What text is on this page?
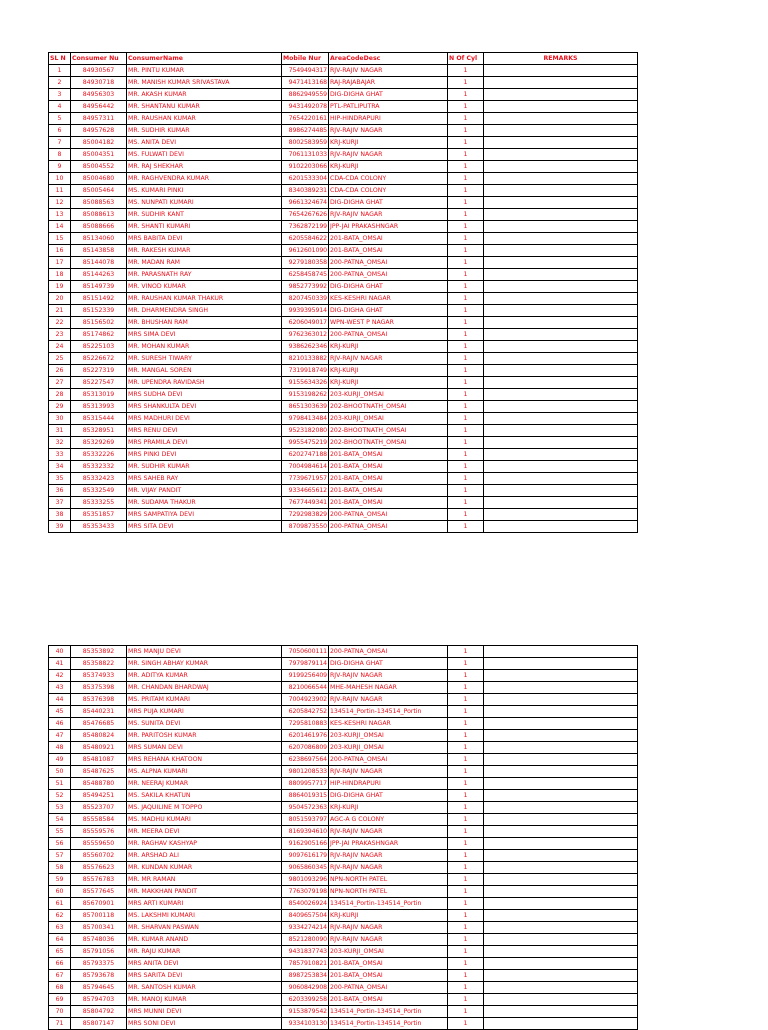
SL N	Consumer Nu	ConsumerName	Mobile Nur	AreaCodeDesc	N Of Cyl	REMARKS
1	84930567	MR. PINTU KUMAR	7549494317	RJV-RAJIV NAGAR	1	
2	84930718	MR. MANISH KUMAR SRIVASTAVA	9471413168	RAJ-RAJABAJAR	1	
3	84956303	MR. AKASH KUMAR	8862949559	DIG-DIGHA GHAT	1	
4	84956442	MR. SHANTANU KUMAR	9431492078	PTL-PATLIPUTRA	1	
5	84957311	MR. RAUSHAN KUMAR	7654220161	HIP-HINDRAPURI	1	
6	84957628	MR. SUDHIR KUMAR	8986274485	RJV-RAJIV NAGAR	1	
7	85004182	MS. ANITA DEVI	8002583959	KRJ-KURJI	1	
8	85004351	MS. FULWATI DEVI	7061131033	RJV-RAJIV NAGAR	1	
9	85004552	MR. RAJ SHEKHAR	9102203066	KRJ-KURJI	1	
10	85004680	MR. RAGHVENDRA KUMAR	6201533304	CDA-CDA COLONY	1	
11	85005464	MS. KUMARI PINKI	8340389231	CDA-CDA COLONY	1	
12	85088563	MS. NUNPATI KUMARI	9661324674	DIG-DIGHA GHAT	1	
13	85088613	MR. SUDHIR KANT	7654267626	RJV-RAJIV NAGAR	1	
14	85088666	MR. SHANTI KUMARI	7362872199	JPP-JAI PRAKASHNGAR	1	
15	85134060	MRS BABITA DEVI	6205584622	201-BATA_OMSAI	1	
16	85143858	MR. RAKESH KUMAR	9612601090	201-BATA_OMSAI	1	
17	85144078	MR. MADAN RAM	9279180358	200-PATNA_OMSAI	1	
18	85144263	MR. PARASNATH RAY	6258458745	200-PATNA_OMSAI	1	
19	85149739	MR. VINOD KUMAR	9852773992	DIG-DIGHA GHAT	1	
20	85151492	MR. RAUSHAN KUMAR THAKUR	8207450339	KES-KESHRI NAGAR	1	
21	85152339	MR. DHARMENDRA SINGH	9939395914	DIG-DIGHA GHAT	1	
22	85156502	MR. BHUSHAN RAM	6206049017	WPN-WEST P NAGAR	1	
23	85174862	MRS SIMA DEVI	9762363012	200-PATNA_OMSAI	1	
24	85225103	MR. MOHAN KUMAR	9386262346	KRJ-KURJI	1	
25	85226672	MR. SURESH TIWARY	8210133882	RJV-RAJIV NAGAR	1	
26	85227319	MR. MANGAL SOREN	7319918749	KRJ-KURJI	1	
27	85227547	MR. UPENDRA RAVIDASH	9155634326	KRJ-KURJI	1	
28	85313019	MRS SUDHA DEVI	9153198262	203-KURJI_OMSAI	1	
29	85313993	MRS SHANKULTA DEVI	8651303639	202-BHOOTNATH_OMSAI	1	
30	85315444	MRS MADHURI DEVI	9798413484	203-KURJI_OMSAI	1	
31	85328951	MRS RENU DEVI	9523182080	202-BHOOTNATH_OMSAI	1	
32	85329269	MRS PRAMILA DEVI	9955475219	202-BHOOTNATH_OMSAI	1	
33	85332226	MRS PINKI DEVI	6202747188	201-BATA_OMSAI	1	
34	85332332	MR. SUDHIR KUMAR	7004984614	201-BATA_OMSAI	1	
35	85332423	MRS SAHEB RAY	7739671957	201-BATA_OMSAI	1	
36	85332549	MR. VIJAY PANDIT	9334665612	201-BATA_OMSAI	1	
37	85333255	MR. SUDAMA THAKUR	7677449341	201-BATA_OMSAI	1	
38	85351857	MRS SAMPATIYA DEVI	7292983829	200-PATNA_OMSAI	1	
39	85353433	MRS SITA DEVI	8709873550	200-PATNA_OMSAI	1	
40	85353892	MRS MANJU DEVI	7050600111	200-PATNA_OMSAI	1	
41	85358822	MR. SINGH ABHAY KUMAR	7979879114	DIG-DIGHA GHAT	1	
42	85374933	MR. ADITYA KUMAR	9199256409	RJV-RAJIV NAGAR	1	
43	85375398	MR. CHANDAN BHARDWAJ	8210066544	MHE-MAHESH NAGAR	1	
44	85376398	MS. PRITAM KUMARI	7004923902	RJV-RAJIV NAGAR	1	
45	85440231	MRS PUJA KUMARI	6205842752	134514_Portin-134514_Portin	1	
46	85476685	MS. SUNITA DEVI	7295810883	KES-KESHRI NAGAR	1	
47	85480824	MR. PARITOSH KUMAR	6201461976	203-KURJI_OMSAI	1	
48	85480921	MRS SUMAN DEVI	6207086809	203-KURJI_OMSAI	1	
49	85481087	MRS REHANA KHATOON	6238697564	200-PATNA_OMSAI	1	
50	85487625	MS. ALPNA KUMARI	9801208533	RJV-RAJIV NAGAR	1	
51	85488780	MR. NEERAJ KUMAR	8809957717	HIP-HINDRAPURI	1	
52	85494251	MS. SAKILA KHATUN	8864019315	DIG-DIGHA GHAT	1	
53	85523707	MS. JAQUILINE M TOPPO	9504572363	KRJ-KURJI	1	
54	85558584	MS. MADHU KUMARI	8051593797	AGC-A G COLONY	1	
55	85559576	MR. MEERA DEVI	8169394610	RJV-RAJIV NAGAR	1	
56	85559650	MR. RAGHAV KASHYAP	9162905166	JPP-JAI PRAKASHNGAR	1	
57	85560702	MR. ARSHAD ALI	9097616179	RJV-RAJIV NAGAR	1	
58	85576623	MR. KUNDAN KUMAR	9065860345	RJV-RAJIV NAGAR	1	
59	85576783	MR. MR RAMAN	9801093296	NPN-NORTH PATEL	1	
60	85577645	MR. MAKKHAN PANDIT	7763079198	NPN-NORTH PATEL	1	
61	85670901	MRS ARTI KUMARI	8540026924	134514_Portin-134514_Portin	1	
62	85700118	MS. LAKSHMI KUMARI	8409657504	KRJ-KURJI	1	
63	85700341	MR. SHARVAN PASWAN	9334274214	RJV-RAJIV NAGAR	1	
64	85748036	MR. KUMAR ANAND	8521280090	RJV-RAJIV NAGAR	1	
65	85791056	MR. RAJU KUMAR	9431837743	203-KURJI_OMSAI	1	
66	85793375	MRS ANITA DEVI	7857910821	201-BATA_OMSAI	1	
67	85793678	MRS SARITA DEVI	8987253834	201-BATA_OMSAI	1	
68	85794645	MR. SANTOSH KUMAR	9060842908	200-PATNA_OMSAI	1	
69	85794703	MR. MANOJ KUMAR	6203399258	201-BATA_OMSAI	1	
70	85804792	MRS MUNNI DEVI	9153879542	134514_Portin-134514_Portin	1	
71	85807147	MRS SONI DEVI	9334103130	134514_Portin-134514_Portin	1	
